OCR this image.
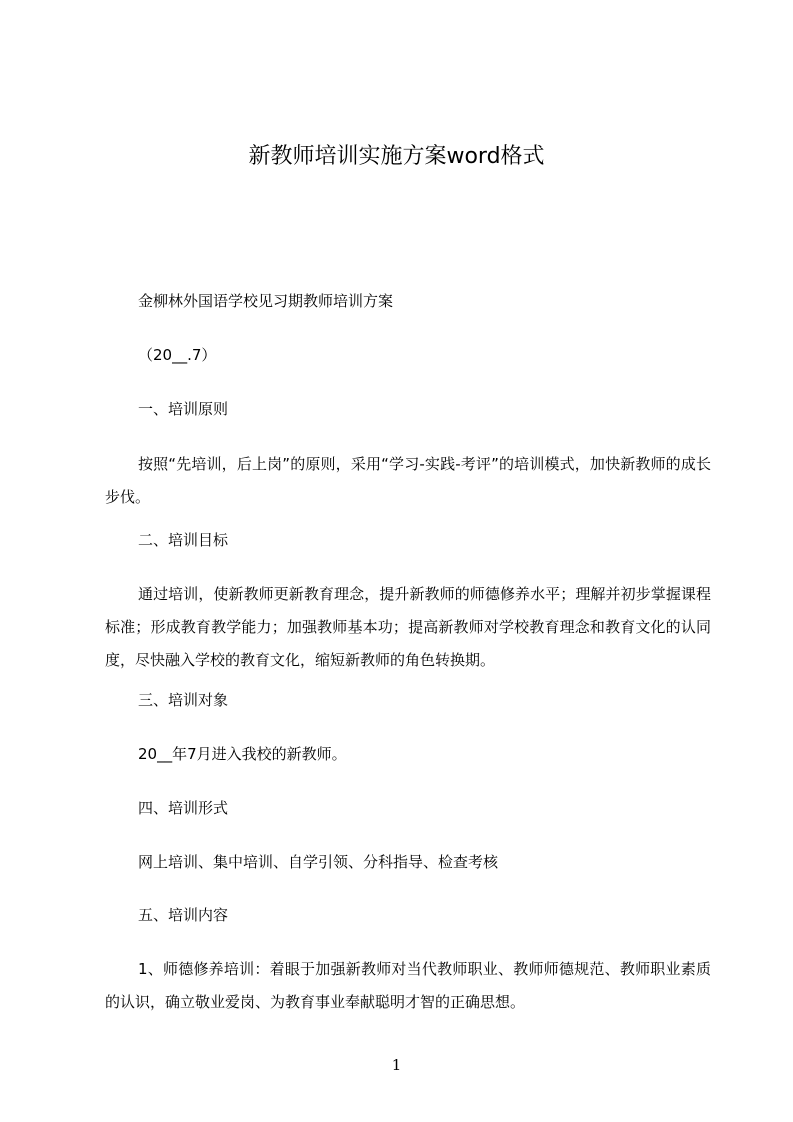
新教师培训实施方案word格式
金柳林外国语学校见习期教师培训方案
（20__.7）
一、培训原则
按照“先培训，后上岗”的原则，采用“学习-实践-考评”的培训模式，加快新教师的成长步伐。
二、培训目标
通过培训，使新教师更新教育理念，提升新教师的师德修养水平；理解并初步掌握课程标准；形成教育教学能力；加强教师基本功；提高新教师对学校教育理念和教育文化的认同度，尽快融入学校的教育文化，缩短新教师的角色转换期。
三、培训对象
20__年7月进入我校的新教师。
四、培训形式
网上培训、集中培训、自学引领、分科指导、检查考核
五、培训内容
1、师德修养培训：着眼于加强新教师对当代教师职业、教师师德规范、教师职业素质的认识，确立敬业爱岗、为教育事业奉献聪明才智的正确思想。
1
